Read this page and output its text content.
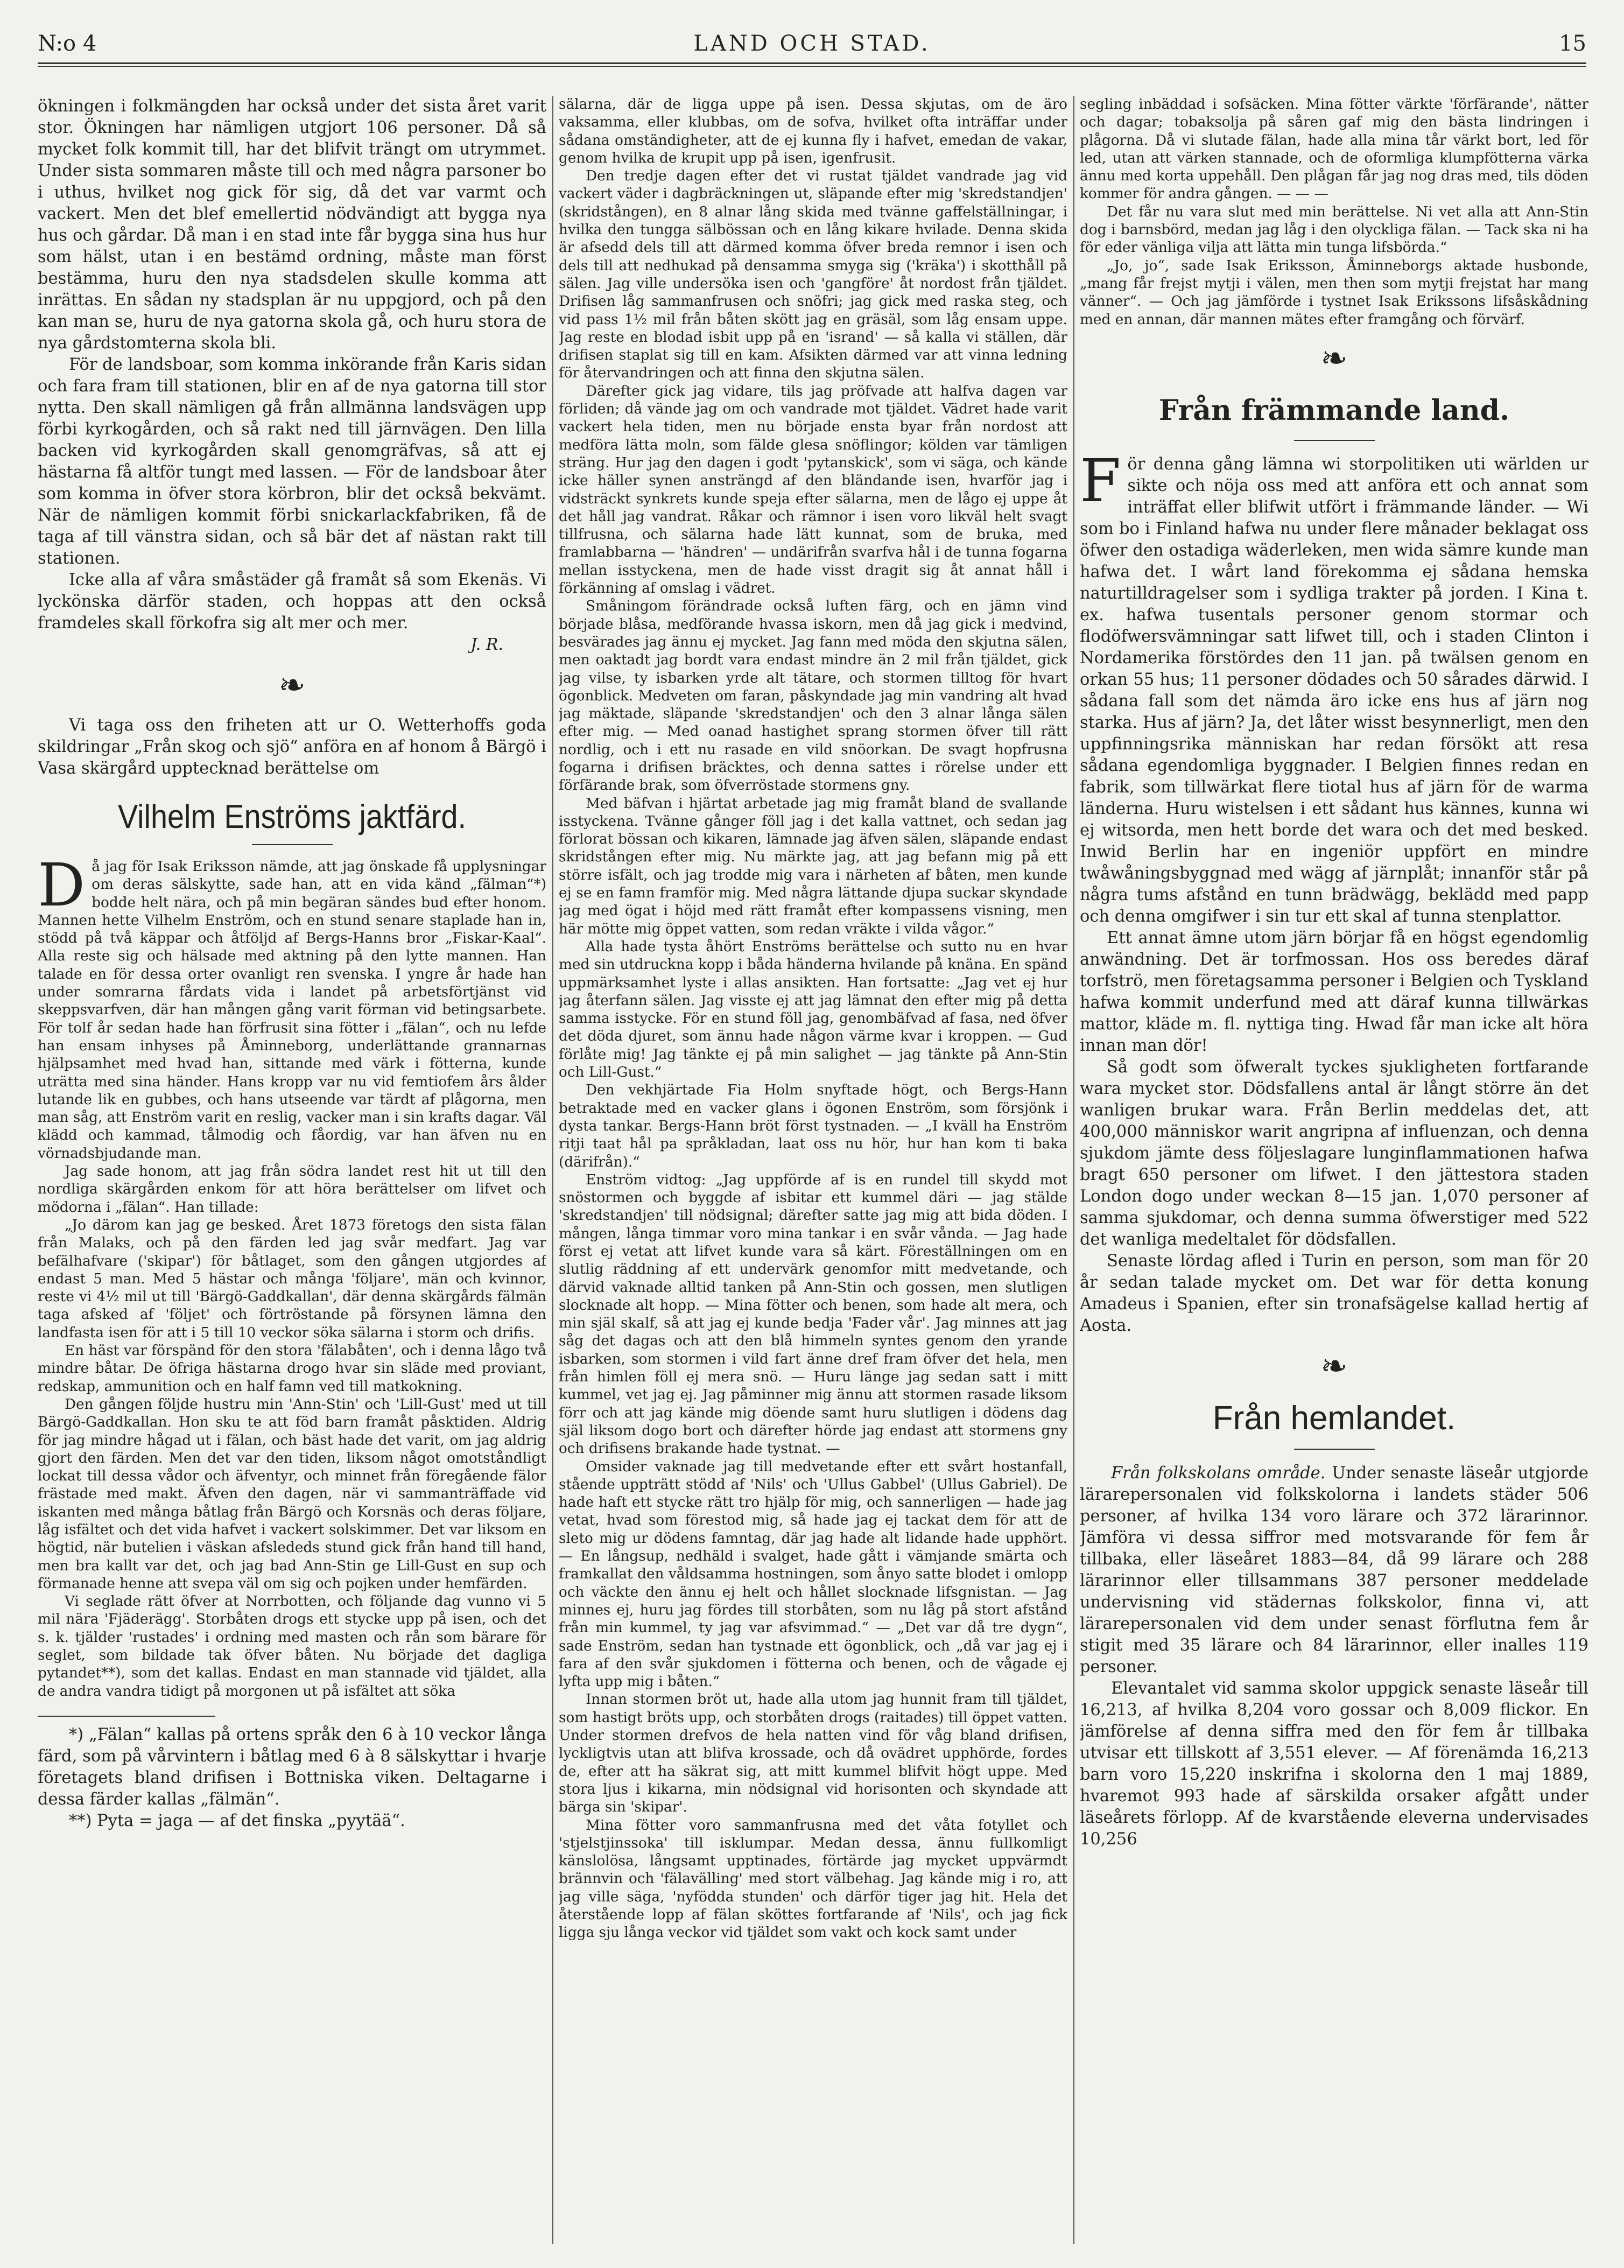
N:o 4	LAND OCH STAD.	15

ökningen i folkmängden har också under det sista året varit stor. Ökningen har nämligen utgjort 106 personer. Då så mycket folk kommit till, har det blifvit trängt om utrymmet. Under sista sommaren måste till och med några parsoner bo i uthus, hvilket nog gick för sig, då det var varmt och vackert. Men det blef emellertid nödvändigt att bygga nya hus och gårdar. Då man i en stad inte får bygga sina hus hur som hälst, utan i en bestämd ordning, måste man först bestämma, huru den nya stadsdelen skulle komma att inrättas. En sådan ny stadsplan är nu uppgjord, och på den kan man se, huru de nya gatorna skola gå, och huru stora de nya gårdstomterna skola bli.

För de landsboar, som komma inkörande från Karis sidan och fara fram till stationen, blir en af de nya gatorna till stor nytta. Den skall nämligen gå från allmänna landsvägen upp förbi kyrkogården, och så rakt ned till järnvägen. Den lilla backen vid kyrkogården skall genomgräfvas, så att ej hästarna få altför tungt med lassen. — För de landsboar åter som komma in öfver stora körbron, blir det också bekvämt. När de nämligen kommit förbi snickarlackfabriken, få de taga af till vänstra sidan, och så bär det af nästan rakt till stationen.

Icke alla af våra småstäder gå framåt så som Ekenäs. Vi lyckönska därför staden, och hoppas att den också framdeles skall förkofra sig alt mer och mer.

J. R.
❧

Vi taga oss den friheten att ur O. Wetterhoffs goda skildringar „Från skog och sjö“ anföra en af honom å Bärgö i Vasa skärgård upptecknad berättelse om

Vilhelm Enströms jaktfärd.

Då jag för Isak Eriksson nämde, att jag önskade få upplysningar om deras sälskytte, sade han, att en vida känd „fälman“*) bodde helt nära, och på min begäran sändes bud efter honom. Mannen hette Vilhelm Enström, och en stund senare staplade han in, stödd på två käppar och åtföljd af Bergs-Hanns bror „Fiskar-Kaal“. Alla reste sig och hälsade med aktning på den lytte mannen. Han talade en för dessa orter ovanligt ren svenska. I yngre år hade han under somrarna fårdats vida i landet på arbetsförtjänst vid skeppsvarfven, där han mången gång varit förman vid betingsarbete. För tolf år sedan hade han förfrusit sina fötter i „fälan“, och nu lefde han ensam inhyses på Åminneborg, underlättande grannarnas hjälpsamhet med hvad han, sittande med värk i fötterna, kunde uträtta med sina händer. Hans kropp var nu vid femtiofem års ålder lutande lik en gubbes, och hans utseende var tärdt af plågorna, men man såg, att Enström varit en reslig, vacker man i sin krafts dagar. Väl klädd och kammad, tålmodig och fåordig, var han äfven nu en vörnadsbjudande man.

Jag sade honom, att jag från södra landet rest hit ut till den nordliga skärgården enkom för att höra berättelser om lifvet och mödorna i „fälan“. Han tillade:

„Jo därom kan jag ge besked. Året 1873 företogs den sista fälan från Malaks, och på den färden led jag svår medfart. Jag var befälhafvare ('skipar') för båtlaget, som den gången utgjordes af endast 5 man. Med 5 hästar och många 'följare', män och kvinnor, reste vi 4½ mil ut till 'Bärgö-Gaddkallan', där denna skärgårds fälmän taga afsked af 'följet' och förtröstande på försynen lämna den landfasta isen för att i 5 till 10 veckor söka sälarna i storm och drifis.

En häst var förspänd för den stora 'fälabåten', och i denna lågo två mindre båtar. De öfriga hästarna drogo hvar sin släde med proviant, redskap, ammunition och en half famn ved till matkokning.

Den gången följde hustru min 'Ann-Stin' och 'Lill-Gust' med ut till Bärgö-Gaddkallan. Hon sku te att föd barn framåt påsktiden. Aldrig för jag mindre hågad ut i fälan, och bäst hade det varit, om jag aldrig gjort den färden. Men det var den tiden, liksom något omotståndligt lockat till dessa vådor och äfventyr, och minnet från föregående fälor frästade med makt. Äfven den dagen, när vi sammanträffade vid iskanten med många båtlag från Bärgö och Korsnäs och deras följare, låg isfältet och det vida hafvet i vackert solskimmer. Det var liksom en högtid, när butelien i väskan afslededs stund gick från hand till hand, men bra kallt var det, och jag bad Ann-Stin ge Lill-Gust en sup och förmanade henne att svepa väl om sig och pojken under hemfärden.

Vi seglade rätt öfver at Norrbotten, och följande dag vunno vi 5 mil nära 'Fjäderägg'. Storbåten drogs ett stycke upp på isen, och det s. k. tjälder 'rustades' i ordning med masten och rån som bärare för seglet, som bildade tak öfver båten. Nu började det dagliga pytandet**), som det kallas. Endast en man stannade vid tjäldet, alla de andra vandra tidigt på morgonen ut på isfältet att söka

*) „Fälan“ kallas på ortens språk den 6 à 10 veckor långa färd, som på vårvintern i båtlag med 6 à 8 sälskyttar i hvarje företagets bland drifisen i Bottniska viken. Deltagarne i dessa färder kallas „fälmän“.

**) Pyta = jaga — af det finska „pyytää“.

sälarna, där de ligga uppe på isen. Dessa skjutas, om de äro vaksamma, eller klubbas, om de sofva, hvilket ofta inträffar under sådana omständigheter, att de ej kunna fly i hafvet, emedan de vakar, genom hvilka de krupit upp på isen, igenfrusit.

Den tredje dagen efter det vi rustat tjäldet vandrade jag vid vackert väder i dagbräckningen ut, släpande efter mig 'skredstandjen' (skridstången), en 8 alnar lång skida med tvänne gaffelställningar, i hvilka den tungga sälbössan och en lång kikare hvilade. Denna skida är afsedd dels till att därmed komma öfver breda remnor i isen och dels till att nedhukad på densamma smyga sig ('kräka') i skotthåll på sälen. Jag ville undersöka isen och 'gangföre' åt nordost från tjäldet. Drifisen låg sammanfrusen och snöfri; jag gick med raska steg, och vid pass 1½ mil från båten skött jag en gräsäl, som låg ensam uppe. Jag reste en blodad isbit upp på en 'isrand' — så kalla vi ställen, där drifisen staplat sig till en kam. Afsikten därmed var att vinna ledning för återvandringen och att finna den skjutna sälen.

Därefter gick jag vidare, tils jag pröfvade att halfva dagen var förliden; då vände jag om och vandrade mot tjäldet. Vädret hade varit vackert hela tiden, men nu började ensta byar från nordost att medföra lätta moln, som fälde glesa snöflingor; kölden var tämligen sträng. Hur jag den dagen i godt 'pytanskick', som vi säga, och kände icke häller synen ansträngd af den bländande isen, hvarför jag i vidsträckt synkrets kunde speja efter sälarna, men de lågo ej uppe åt det håll jag vandrat. Råkar och rämnor i isen voro likväl helt svagt tillfrusna, och sälarna hade lätt kunnat, som de bruka, med framlabbarna — 'händren' — undärifrån svarfva hål i de tunna fogarna mellan isstyckena, men de hade visst dragit sig åt annat håll i förkänning af omslag i vädret.

Småningom förändrade också luften färg, och en jämn vind började blåsa, medförande hvassa iskorn, men då jag gick i medvind, besvärades jag ännu ej mycket. Jag fann med möda den skjutna sälen, men oaktadt jag bordt vara endast mindre än 2 mil från tjäldet, gick jag vilse, ty isbarken yrde alt tätare, och stormen tilltog för hvart ögonblick. Medveten om faran, påskyndade jag min vandring alt hvad jag mäktade, släpande 'skredstandjen' och den 3 alnar långa sälen efter mig. — Med oanad hastighet sprang stormen öfver till rätt nordlig, och i ett nu rasade en vild snöorkan. De svagt hopfrusna fogarna i drifisen bräcktes, och denna sattes i rörelse under ett förfärande brak, som öfverröstade stormens gny.

Med bäfvan i hjärtat arbetade jag mig framåt bland de svallande isstyckena. Tvänne gånger föll jag i det kalla vattnet, och sedan jag förlorat bössan och kikaren, lämnade jag äfven sälen, släpande endast skridstången efter mig. Nu märkte jag, att jag befann mig på ett större isfält, och jag trodde mig vara i närheten af båten, men kunde ej se en famn framför mig. Med några lättande djupa suckar skyndade jag med ögat i höjd med rätt framåt efter kompassens visning, men här mötte mig öppet vatten, som redan vräkte i vilda vågor.“

Alla hade tysta åhört Enströms berättelse och sutto nu en hvar med sin utdruckna kopp i båda händerna hvilande på knäna. En spänd uppmärksamhet lyste i allas ansikten. Han fortsatte: „Jag vet ej hur jag återfann sälen. Jag visste ej att jag lämnat den efter mig på detta samma isstycke. För en stund föll jag, genombäfvad af fasa, ned öfver det döda djuret, som ännu hade någon värme kvar i kroppen. — Gud förlåte mig! Jag tänkte ej på min salighet — jag tänkte på Ann-Stin och Lill-Gust.“

Den vekhjärtade Fia Holm snyftade högt, och Bergs-Hann betraktade med en vacker glans i ögonen Enström, som försjönk i dysta tankar. Bergs-Hann bröt först tystnaden. — „I kväll ha Enström ritji taat hål pa språkladan, laat oss nu hör, hur han kom ti baka (därifrån).“

Enström vidtog: „Jag uppförde af is en rundel till skydd mot snöstormen och byggde af isbitar ett kummel däri — jag stälde 'skredstandjen' till nödsignal; därefter satte jag mig att bida döden. I mången, långa timmar voro mina tankar i en svår vånda. — Jag hade först ej vetat att lifvet kunde vara så kärt. Föreställningen om en slutlig räddning af ett undervärk genomfor mitt medvetande, och därvid vaknade alltid tanken på Ann-Stin och gossen, men slutligen slocknade alt hopp. — Mina fötter och benen, som hade alt mera, och min själ skalf, så att jag ej kunde bedja 'Fader vår'. Jag minnes att jag såg det dagas och att den blå himmeln syntes genom den yrande isbarken, som stormen i vild fart änne dref fram öfver det hela, men från himlen föll ej mera snö. — Huru länge jag sedan satt i mitt kummel, vet jag ej. Jag påminner mig ännu att stormen rasade liksom förr och att jag kände mig döende samt huru slutligen i dödens dag själ liksom dogo bort och därefter hörde jag endast att stormens gny och drifisens brakande hade tystnat. —

Omsider vaknade jag till medvetande efter ett svårt hostanfall, stående uppträtt stödd af 'Nils' och 'Ullus Gabbel' (Ullus Gabriel). De hade haft ett stycke rätt tro hjälp för mig, och sannerligen — hade jag vetat, hvad som förestod mig, så hade jag ej tackat dem för att de sleto mig ur dödens famntag, där jag hade alt lidande hade upphört. — En långsup, nedhäld i svalget, hade gått i vämjande smärta och framkallat den våldsamma hostningen, som ånyo satte blodet i omlopp och väckte den ännu ej helt och hållet slocknade lifsgnistan. — Jag minnes ej, huru jag fördes till storbåten, som nu låg på stort afstånd från min kummel, ty jag var afsvimmad.“ — „Det var då tre dygn“, sade Enström, sedan han tystnade ett ögonblick, och „då var jag ej i fara af den svår sjukdomen i fötterna och benen, och de vågade ej lyfta upp mig i båten.“

Innan stormen bröt ut, hade alla utom jag hunnit fram till tjäldet, som hastigt bröts upp, och storbåten drogs (raitades) till öppet vatten. Under stormen drefvos de hela natten vind för våg bland drifisen, lyckligtvis utan att blifva krossade, och då ovädret upphörde, fordes de, efter att ha säkrat sig, att mitt kummel blifvit högt uppe. Med stora ljus i kikarna, min nödsignal vid horisonten och skyndade att bärga sin 'skipar'.

Mina fötter voro sammanfrusna med det våta fotyllet och 'stjelstjinssoka' till isklumpar. Medan dessa, ännu fullkomligt känslolösa, långsamt upptinades, förtärde jag mycket uppvärmdt brännvin och 'fälavälling' med stort välbehag. Jag kände mig i ro, att jag ville säga, 'nyfödda stunden' och därför tiger jag hit. Hela det återstående lopp af fälan sköttes fortfarande af 'Nils', och jag fick ligga sju långa veckor vid tjäldet som vakt och kock samt under

segling inbäddad i sofsäcken. Mina fötter värkte 'förfärande', nätter och dagar; tobaksolja på såren gaf mig den bästa lindringen i plågorna. Då vi slutade fälan, hade alla mina tår värkt bort, led för led, utan att värken stannade, och de oformliga klumpfötterna värka ännu med korta uppehåll. Den plågan får jag nog dras med, tils döden kommer för andra gången. — — —

Det får nu vara slut med min berättelse. Ni vet alla att Ann-Stin dog i barnsbörd, medan jag låg i den olyckliga fälan. — Tack ska ni ha för eder vänliga vilja att lätta min tunga lifsbörda.“

„Jo, jo“, sade Isak Eriksson, Åminneborgs aktade husbonde, „mang får frejst mytji i välen, men then som mytji frejstat har mang vänner“. — Och jag jämförde i tystnet Isak Erikssons lifsåskådning med en annan, där mannen mätes efter framgång och förvärf.

❧
Från främmande land.

För denna gång lämna wi storpolitiken uti wärlden ur sikte och nöja oss med att anföra ett och annat som inträffat eller blifwit utfört i främmande länder. — Wi som bo i Finland hafwa nu under flere månader beklagat oss öfwer den ostadiga wäderleken, men wida sämre kunde man hafwa det. I wårt land förekomma ej sådana hemska naturtilldragelser som i sydliga trakter på jorden. I Kina t. ex. hafwa tusentals personer genom stormar och flodöfwersvämningar satt lifwet till, och i staden Clinton i Nordamerika förstördes den 11 jan. på twälsen genom en orkan 55 hus; 11 personer dödades och 50 sårades därwid. I sådana fall som det nämda äro icke ens hus af järn nog starka. Hus af järn? Ja, det låter wisst besynnerligt, men den uppfinningsrika människan har redan försökt att resa sådana egendomliga byggnader. I Belgien finnes redan en fabrik, som tillwärkat flere tiotal hus af järn för de warma länderna. Huru wistelsen i ett sådant hus kännes, kunna wi ej witsorda, men hett borde det wara och det med besked. Inwid Berlin har en ingeniör uppfört en mindre twåwåningsbyggnad med wägg af järnplåt; innanför står på några tums afstånd en tunn brädwägg, beklädd med papp och denna omgifwer i sin tur ett skal af tunna stenplattor.

Ett annat ämne utom järn börjar få en högst egendomlig anwändning. Det är torfmossan. Hos oss beredes däraf torfströ, men företagsamma personer i Belgien och Tyskland hafwa kommit underfund med att däraf kunna tillwärkas mattor, kläde m. fl. nyttiga ting. Hwad får man icke alt höra innan man dör!

Så godt som öfweralt tyckes sjukligheten fortfarande wara mycket stor. Dödsfallens antal är långt större än det wanligen brukar wara. Från Berlin meddelas det, att 400,000 människor warit angripna af influenzan, och denna sjukdom jämte dess följeslagare lunginflammationen hafwa bragt 650 personer om lifwet. I den jättestora staden London dogo under weckan 8—15 jan. 1,070 personer af samma sjukdomar, och denna summa öfwerstiger med 522 det wanliga medeltalet för dödsfallen.

Senaste lördag afled i Turin en person, som man för 20 år sedan talade mycket om. Det war för detta konung Amadeus i Spanien, efter sin tronafsägelse kallad hertig af Aosta.

❧
Från hemlandet.

Från folkskolans område. Under senaste läseår utgjorde lärarepersonalen vid folkskolorna i landets städer 506 personer, af hvilka 134 voro lärare och 372 lärarinnor. Jämföra vi dessa siffror med motsvarande för fem år tillbaka, eller läseåret 1883—84, då 99 lärare och 288 lärarinnor eller tillsammans 387 personer meddelade undervisning vid städernas folkskolor, finna vi, att lärarepersonalen vid dem under senast förflutna fem år stigit med 35 lärare och 84 lärarinnor, eller inalles 119 personer.

Elevantalet vid samma skolor uppgick senaste läseår till 16,213, af hvilka 8,204 voro gossar och 8,009 flickor. En jämförelse af denna siffra med den för fem år tillbaka utvisar ett tillskott af 3,551 elever. — Af förenämda 16,213 barn voro 15,220 inskrifna i skolorna den 1 maj 1889, hvaremot 993 hade af särskilda orsaker afgått under läseårets förlopp. Af de kvarstående eleverna undervisades 10,256
